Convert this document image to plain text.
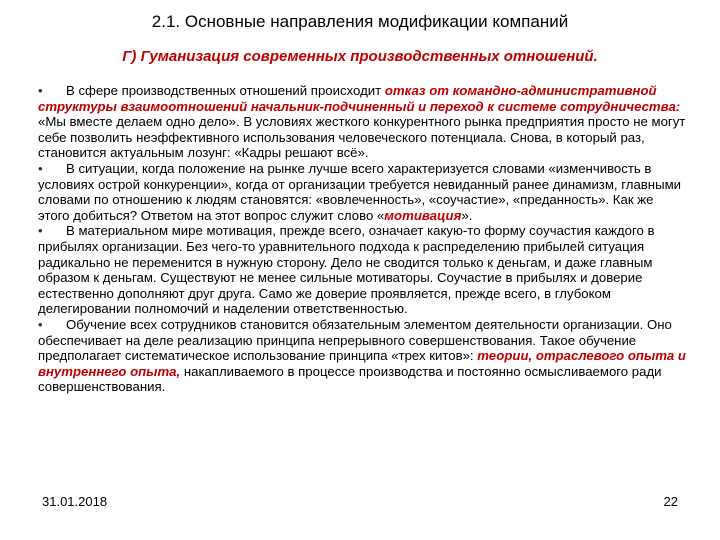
2.1. Основные направления модификации компаний
Г) Гуманизация современных производственных отношений.

• В сфере производственных отношений происходит отказ от командно-административной структуры взаимоотношений начальник-подчиненный и переход к системе сотрудничества: «Мы вместе делаем одно дело». В условиях жесткого конкурентного рынка предприятия просто не могут себе позволить неэффективного использования человеческого потенциала. Снова, в который раз, становится актуальным лозунг: «Кадры решают всё».

• В ситуации, когда положение на рынке лучше всего характеризуется словами «изменчивость в условиях острой конкуренции», когда от организации требуется невиданный ранее динамизм, главными словами по отношению к людям становятся: «вовлеченность», «соучастие», «преданность». Как же этого добиться? Ответом на этот вопрос служит слово «мотивация».

• В материальном мире мотивация, прежде всего, означает какую-то форму соучастия каждого в прибылях организации. Без чего-то уравнительного подхода к распределению прибылей ситуация радикально не переменится в нужную сторону. Дело не сводится только к деньгам, и даже главным образом к деньгам. Существуют не менее сильные мотиваторы. Соучастие в прибылях и доверие естественно дополняют друг друга. Само же доверие проявляется, прежде всего, в глубоком делегировании полномочий и наделении ответственностью.

• Обучение всех сотрудников становится обязательным элементом деятельности организации. Оно обеспечивает на деле реализацию принципа непрерывного совершенствования. Такое обучение предполагает систематическое использование принципа «трех китов»: теории, отраслевого опыта и внутреннего опыта, накапливаемого в процессе производства и постоянно осмысливаемого ради совершенствования.

31.01.2018	22
